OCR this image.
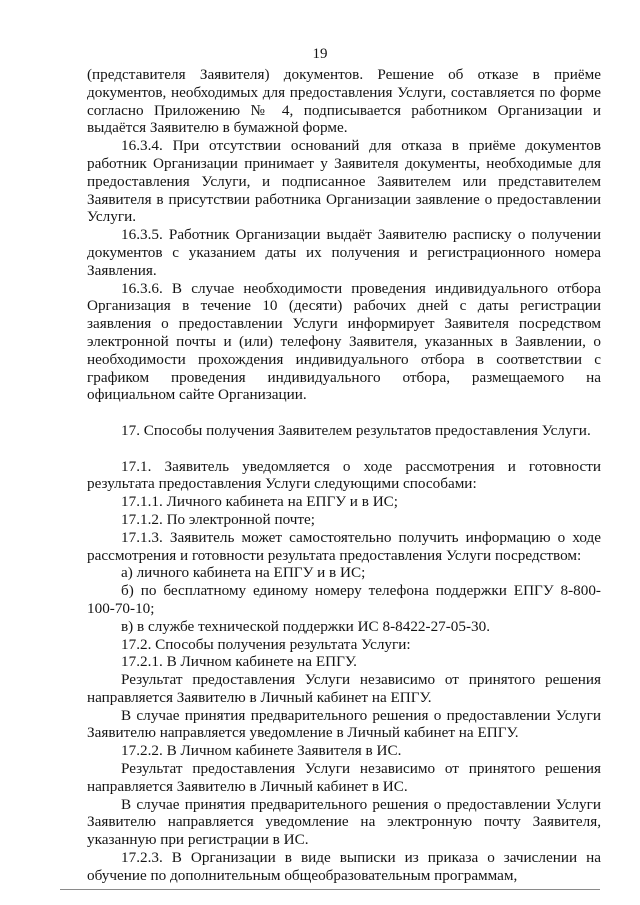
19

(представителя Заявителя) документов. Решение об отказе в приёме документов, необходимых для предоставления Услуги, составляется по форме согласно Приложению № 4, подписывается работником Организации и выдаётся Заявителю в бумажной форме.

16.3.4. При отсутствии оснований для отказа в приёме документов работник Организации принимает у Заявителя документы, необходимые для предоставления Услуги, и подписанное Заявителем или представителем Заявителя в присутствии работника Организации заявление о предоставлении Услуги.

16.3.5. Работник Организации выдаёт Заявителю расписку о получении документов с указанием даты их получения и регистрационного номера Заявления.

16.3.6. В случае необходимости проведения индивидуального отбора Организация в течение 10 (десяти) рабочих дней с даты регистрации заявления о предоставлении Услуги информирует Заявителя посредством электронной почты и (или) телефону Заявителя, указанных в Заявлении, о необходимости прохождения индивидуального отбора в соответствии с графиком проведения индивидуального отбора, размещаемого на официальном сайте Организации.

17. Способы получения Заявителем результатов предоставления Услуги.

17.1. Заявитель уведомляется о ходе рассмотрения и готовности результата предоставления Услуги следующими способами:

17.1.1. Личного кабинета на ЕПГУ и в ИС;

17.1.2. По электронной почте;

17.1.3. Заявитель может самостоятельно получить информацию о ходе рассмотрения и готовности результата предоставления Услуги посредством:

а) личного кабинета на ЕПГУ и в ИС;

б) по бесплатному единому номеру телефона поддержки ЕПГУ 8-800-100-70-10;

в) в службе технической поддержки ИС 8-8422-27-05-30.

17.2. Способы получения результата Услуги:

17.2.1. В Личном кабинете на ЕПГУ.

Результат предоставления Услуги независимо от принятого решения направляется Заявителю в Личный кабинет на ЕПГУ.

В случае принятия предварительного решения о предоставлении Услуги Заявителю направляется уведомление в Личный кабинет на ЕПГУ.

17.2.2. В Личном кабинете Заявителя в ИС.

Результат предоставления Услуги независимо от принятого решения направляется Заявителю в Личный кабинет в ИС.

В случае принятия предварительного решения о предоставлении Услуги Заявителю направляется уведомление на электронную почту Заявителя, указанную при регистрации в ИС.

17.2.3. В Организации в виде выписки из приказа о зачислении на обучение по дополнительным общеобразовательным программам,
